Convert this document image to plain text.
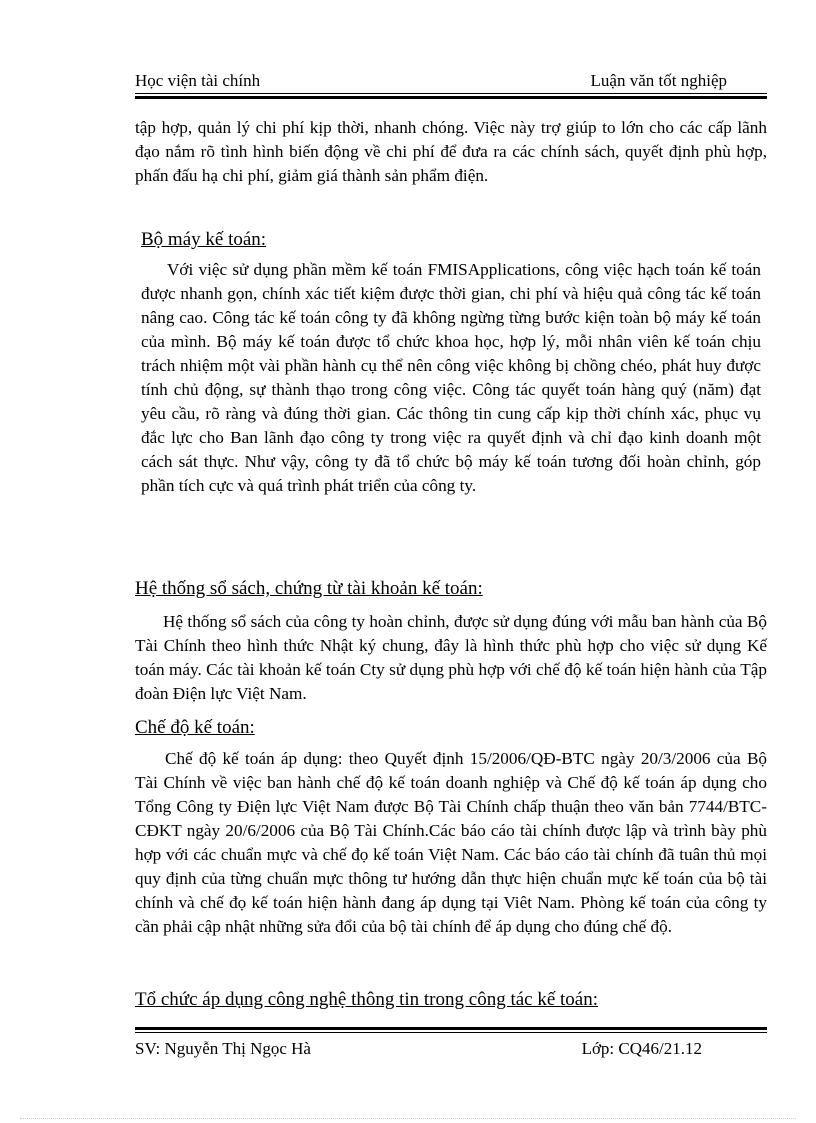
Học viện tài chính	Luận văn tốt nghiệp

tập hợp, quản lý chi phí kịp thời, nhanh chóng. Việc này trợ giúp to lớn cho các cấp lãnh đạo nắm rõ tình hình biến động về chi phí để đưa ra các chính sách, quyết định phù hợp, phấn đấu hạ chi phí, giảm giá thành sản phẩm điện.

Bộ máy kế toán:

Với việc sử dụng phần mềm kế toán FMISApplications, công việc hạch toán kế toán được nhanh gọn, chính xác tiết kiệm được thời gian, chi phí và hiệu quả công tác kế toán nâng cao. Công tác kế toán công ty đã không ngừng từng bước kiện toàn bộ máy kế toán của mình. Bộ máy kế toán được tổ chức khoa học, hợp lý, mỗi nhân viên kế toán chịu trách nhiệm một vài phần hành cụ thể nên công việc không bị chồng chéo, phát huy được tính chủ động, sự thành thạo trong công việc. Công tác quyết toán hàng quý (năm) đạt yêu cầu, rõ ràng và đúng thời gian. Các thông tin cung cấp kịp thời chính xác, phục vụ đắc lực cho Ban lãnh đạo công ty trong việc ra quyết định và chỉ đạo kinh doanh một cách sát thực. Như vậy, công ty đã tổ chức bộ máy kế toán tương đối hoàn chỉnh, góp phần tích cực và quá trình phát triển của công ty.

Hệ thống sổ sách, chứng từ tài khoản kế toán:

Hệ thống sổ sách của công ty hoàn chỉnh, được sử dụng đúng với mẫu ban hành của Bộ Tài Chính theo hình thức Nhật ký chung, đây là hình thức phù hợp cho việc sử dụng Kế toán máy. Các tài khoản kế toán Cty sử dụng phù hợp với chế độ kế toán hiện hành của Tập đoàn Điện lực Việt Nam.

Chế độ kế toán:

Chế độ kế toán áp dụng: theo Quyết định 15/2006/QĐ-BTC ngày 20/3/2006 của Bộ Tài Chính về việc ban hành chế độ kế toán doanh nghiệp và Chế độ kế toán áp dụng cho Tổng Công ty Điện lực Việt Nam được Bộ Tài Chính chấp thuận theo văn bản 7744/BTC-CĐKT ngày 20/6/2006 của Bộ Tài Chính.Các báo cáo tài chính được lập và trình bày phù hợp với các chuẩn mực và chế đọ kế toán Việt Nam. Các báo cáo tài chính đã tuân thủ mọi quy định của từng chuẩn mực thông tư hướng dẫn thực hiện chuẩn mực kế toán của bộ tài chính và chế đọ kế toán hiện hành đang áp dụng tại Viêt Nam. Phòng kế toán của công ty cần phải cập nhật những sửa đổi của bộ tài chính để áp dụng cho đúng chế độ.

Tổ chức áp dụng công nghệ thông tin trong công tác kế toán:
SV: Nguyễn Thị Ngọc Hà	Lớp: CQ46/21.12
